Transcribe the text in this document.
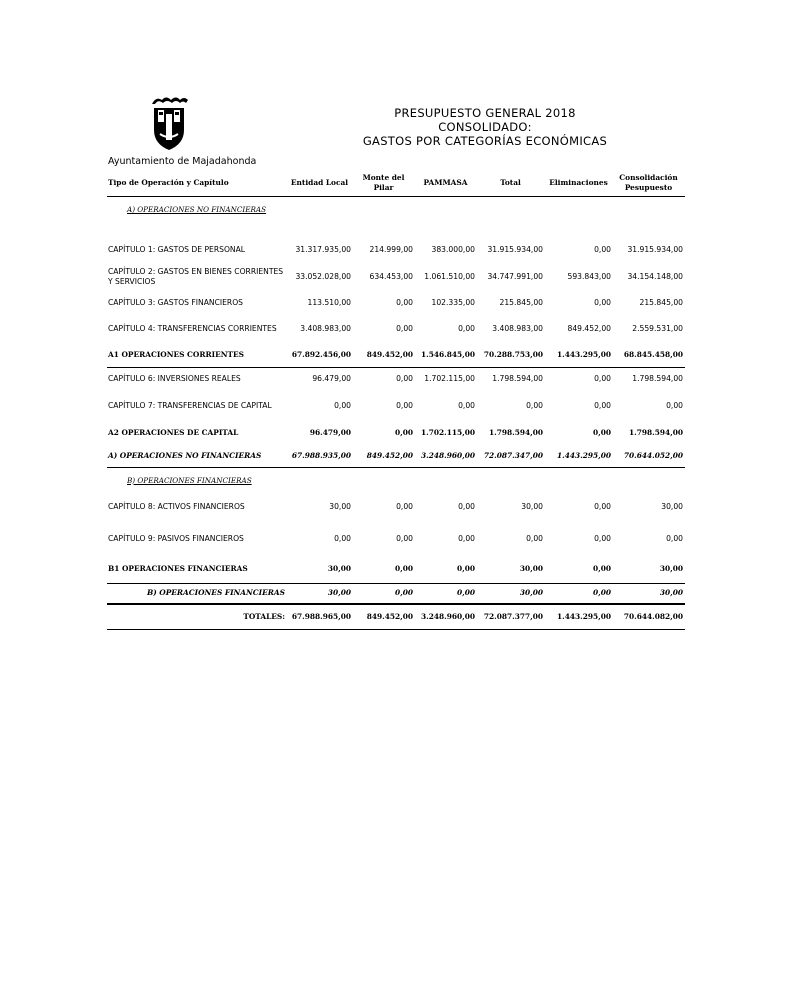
Ayuntamiento de Majadahonda
PRESUPUESTO GENERAL 2018
CONSOLIDADO:
GASTOS POR CATEGORÍAS ECONÓMICAS
Tipo de Operación y Capítulo	Entidad Local	Monte del Pilar	PAMMASA	Total	Eliminaciones	Consolidación Pesupuesto
A) OPERACIONES NO FINANCIERAS						

CAPÍTULO 1: GASTOS DE PERSONAL	31.317.935,00	214.999,00	383.000,00	31.915.934,00	0,00	31.915.934,00
CAPÍTULO 2: GASTOS EN BIENES CORRIENTES Y SERVICIOS	33.052.028,00	634.453,00	1.061.510,00	34.747.991,00	593.843,00	34.154.148,00
CAPÍTULO 3: GASTOS FINANCIEROS	113.510,00	0,00	102.335,00	215.845,00	0,00	215.845,00
CAPÍTULO 4: TRANSFERENCIAS CORRIENTES	3.408.983,00	0,00	0,00	3.408.983,00	849.452,00	2.559.531,00
A1 OPERACIONES CORRIENTES	67.892.456,00	849.452,00	1.546.845,00	70.288.753,00	1.443.295,00	68.845.458,00
CAPÍTULO 6: INVERSIONES REALES	96.479,00	0,00	1.702.115,00	1.798.594,00	0,00	1.798.594,00
CAPÍTULO 7: TRANSFERENCIAS DE CAPITAL	0,00	0,00	0,00	0,00	0,00	0,00
A2 OPERACIONES DE CAPITAL	96.479,00	0,00	1.702.115,00	1.798.594,00	0,00	1.798.594,00
A) OPERACIONES NO FINANCIERAS	67.988.935,00	849.452,00	3.248.960,00	72.087.347,00	1.443.295,00	70.644.052,00
B) OPERACIONES FINANCIERAS						
CAPÍTULO 8: ACTIVOS FINANCIEROS	30,00	0,00	0,00	30,00	0,00	30,00

CAPÍTULO 9: PASIVOS FINANCIEROS	0,00	0,00	0,00	0,00	0,00	0,00

B1 OPERACIONES FINANCIERAS	30,00	0,00	0,00	30,00	0,00	30,00
B) OPERACIONES FINANCIERAS	30,00	0,00	0,00	30,00	0,00	30,00
TOTALES:	67.988.965,00	849.452,00	3.248.960,00	72.087.377,00	1.443.295,00	70.644.082,00
